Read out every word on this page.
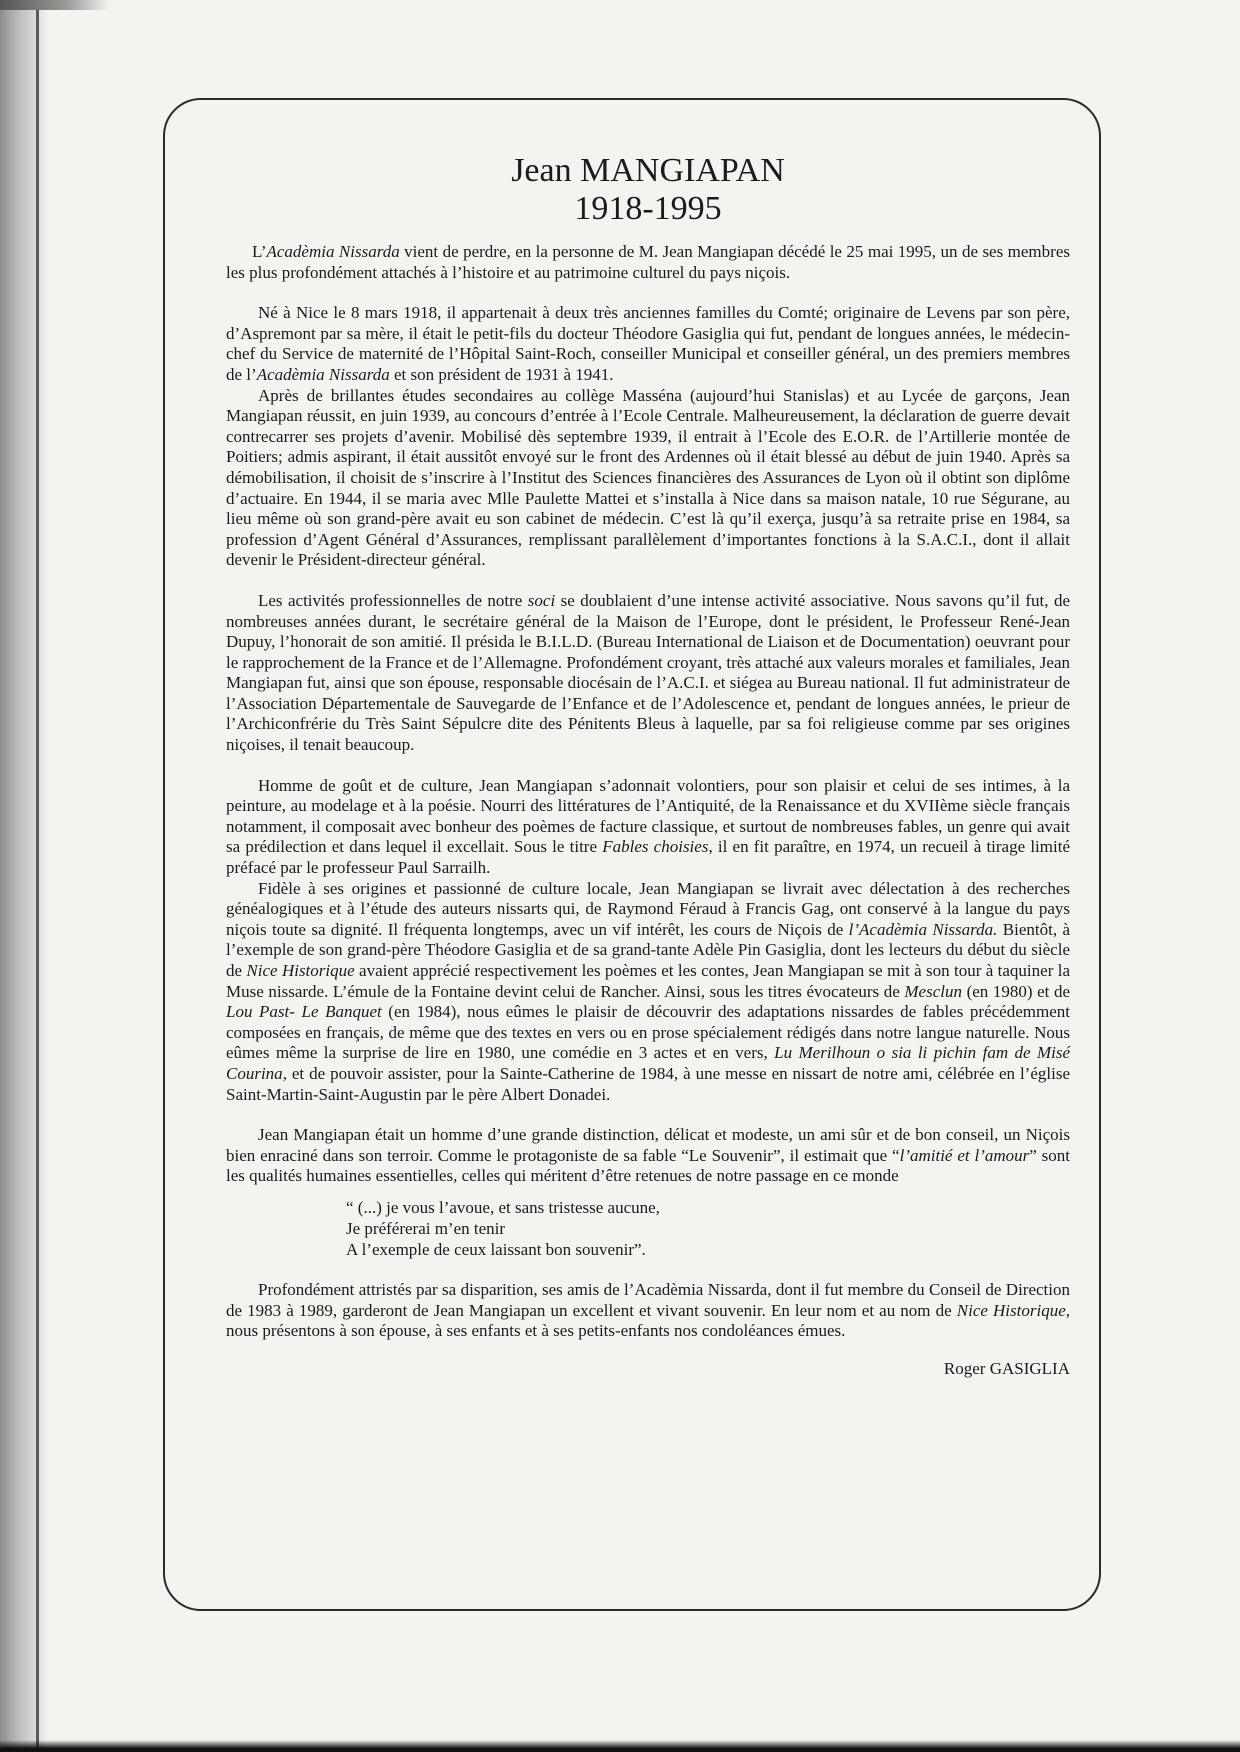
Jean MANGIAPAN
1918-1995

L’Acadèmia Nissarda vient de perdre, en la personne de M. Jean Mangiapan décédé le 25 mai 1995, un de ses membres les plus profondément attachés à l’histoire et au patrimoine culturel du pays niçois.

Né à Nice le 8 mars 1918, il appartenait à deux très anciennes familles du Comté; originaire de Levens par son père, d’Aspremont par sa mère, il était le petit-fils du docteur Théodore Gasiglia qui fut, pendant de longues années, le médecin-chef du Service de maternité de l’Hôpital Saint-Roch, conseiller Municipal et conseiller général, un des premiers membres de l’Acadèmia Nissarda et son président de 1931 à 1941.

Après de brillantes études secondaires au collège Masséna (aujourd’hui Stanislas) et au Lycée de garçons, Jean Mangiapan réussit, en juin 1939, au concours d’entrée à l’Ecole Centrale. Malheureusement, la déclaration de guerre devait contrecarrer ses projets d’avenir. Mobilisé dès septembre 1939, il entrait à l’Ecole des E.O.R. de l’Artillerie montée de Poitiers; admis aspirant, il était aussitôt envoyé sur le front des Ardennes où il était blessé au début de juin 1940. Après sa démobilisation, il choisit de s’inscrire à l’Institut des Sciences financières des Assurances de Lyon où il obtint son diplôme d’actuaire. En 1944, il se maria avec Mlle Paulette Mattei et s’installa à Nice dans sa maison natale, 10 rue Ségurane, au lieu même où son grand-père avait eu son cabinet de médecin. C’est là qu’il exerça, jusqu’à sa retraite prise en 1984, sa profession d’Agent Général d’Assurances, remplissant parallèlement d’importantes fonctions à la S.A.C.I., dont il allait devenir le Président-directeur général.

Les activités professionnelles de notre soci se doublaient d’une intense activité associative. Nous savons qu’il fut, de nombreuses années durant, le secrétaire général de la Maison de l’Europe, dont le président, le Professeur René-Jean Dupuy, l’honorait de son amitié. Il présida le B.I.L.D. (Bureau International de Liaison et de Documentation) oeuvrant pour le rapprochement de la France et de l’Allemagne. Profondément croyant, très attaché aux valeurs morales et familiales, Jean Mangiapan fut, ainsi que son épouse, responsable diocésain de l’A.C.I. et siégea au Bureau national. Il fut administrateur de l’Association Départementale de Sauvegarde de l’Enfance et de l’Adolescence et, pendant de longues années, le prieur de l’Archiconfrérie du Très Saint Sépulcre dite des Pénitents Bleus à laquelle, par sa foi religieuse comme par ses origines niçoises, il tenait beaucoup.

Homme de goût et de culture, Jean Mangiapan s’adonnait volontiers, pour son plaisir et celui de ses intimes, à la peinture, au modelage et à la poésie. Nourri des littératures de l’Antiquité, de la Renaissance et du XVIIème siècle français notamment, il composait avec bonheur des poèmes de facture classique, et surtout de nombreuses fables, un genre qui avait sa prédilection et dans lequel il excellait. Sous le titre Fables choisies, il en fit paraître, en 1974, un recueil à tirage limité préfacé par le professeur Paul Sarrailh.

Fidèle à ses origines et passionné de culture locale, Jean Mangiapan se livrait avec délectation à des recherches généalogiques et à l’étude des auteurs nissarts qui, de Raymond Féraud à Francis Gag, ont conservé à la langue du pays niçois toute sa dignité. Il fréquenta longtemps, avec un vif intérêt, les cours de Niçois de l’Acadèmia Nissarda. Bientôt, à l’exemple de son grand-père Théodore Gasiglia et de sa grand-tante Adèle Pin Gasiglia, dont les lecteurs du début du siècle de Nice Historique avaient apprécié respectivement les poèmes et les contes, Jean Mangiapan se mit à son tour à taquiner la Muse nissarde. L’émule de la Fontaine devint celui de Rancher. Ainsi, sous les titres évocateurs de Mesclun (en 1980) et de Lou Past- Le Banquet (en 1984), nous eûmes le plaisir de découvrir des adaptations nissardes de fables précédemment composées en français, de même que des textes en vers ou en prose spécialement rédigés dans notre langue naturelle. Nous eûmes même la surprise de lire en 1980, une comédie en 3 actes et en vers, Lu Merilhoun o sia li pichin fam de Misé Courina, et de pouvoir assister, pour la Sainte-Catherine de 1984, à une messe en nissart de notre ami, célébrée en l’église Saint-Martin-Saint-Augustin par le père Albert Donadei.

Jean Mangiapan était un homme d’une grande distinction, délicat et modeste, un ami sûr et de bon conseil, un Niçois bien enraciné dans son terroir. Comme le protagoniste de sa fable “Le Souvenir”, il estimait que “l’amitié et l’amour” sont les qualités humaines essentielles, celles qui méritent d’être retenues de notre passage en ce monde

“ (...) je vous l’avoue, et sans tristesse aucune,
Je préférerai m’en tenir
A l’exemple de ceux laissant bon souvenir”.

Profondément attristés par sa disparition, ses amis de l’Acadèmia Nissarda, dont il fut membre du Conseil de Direction de 1983 à 1989, garderont de Jean Mangiapan un excellent et vivant souvenir. En leur nom et au nom de Nice Historique, nous présentons à son épouse, à ses enfants et à ses petits-enfants nos condoléances émues.

Roger GASIGLIA
